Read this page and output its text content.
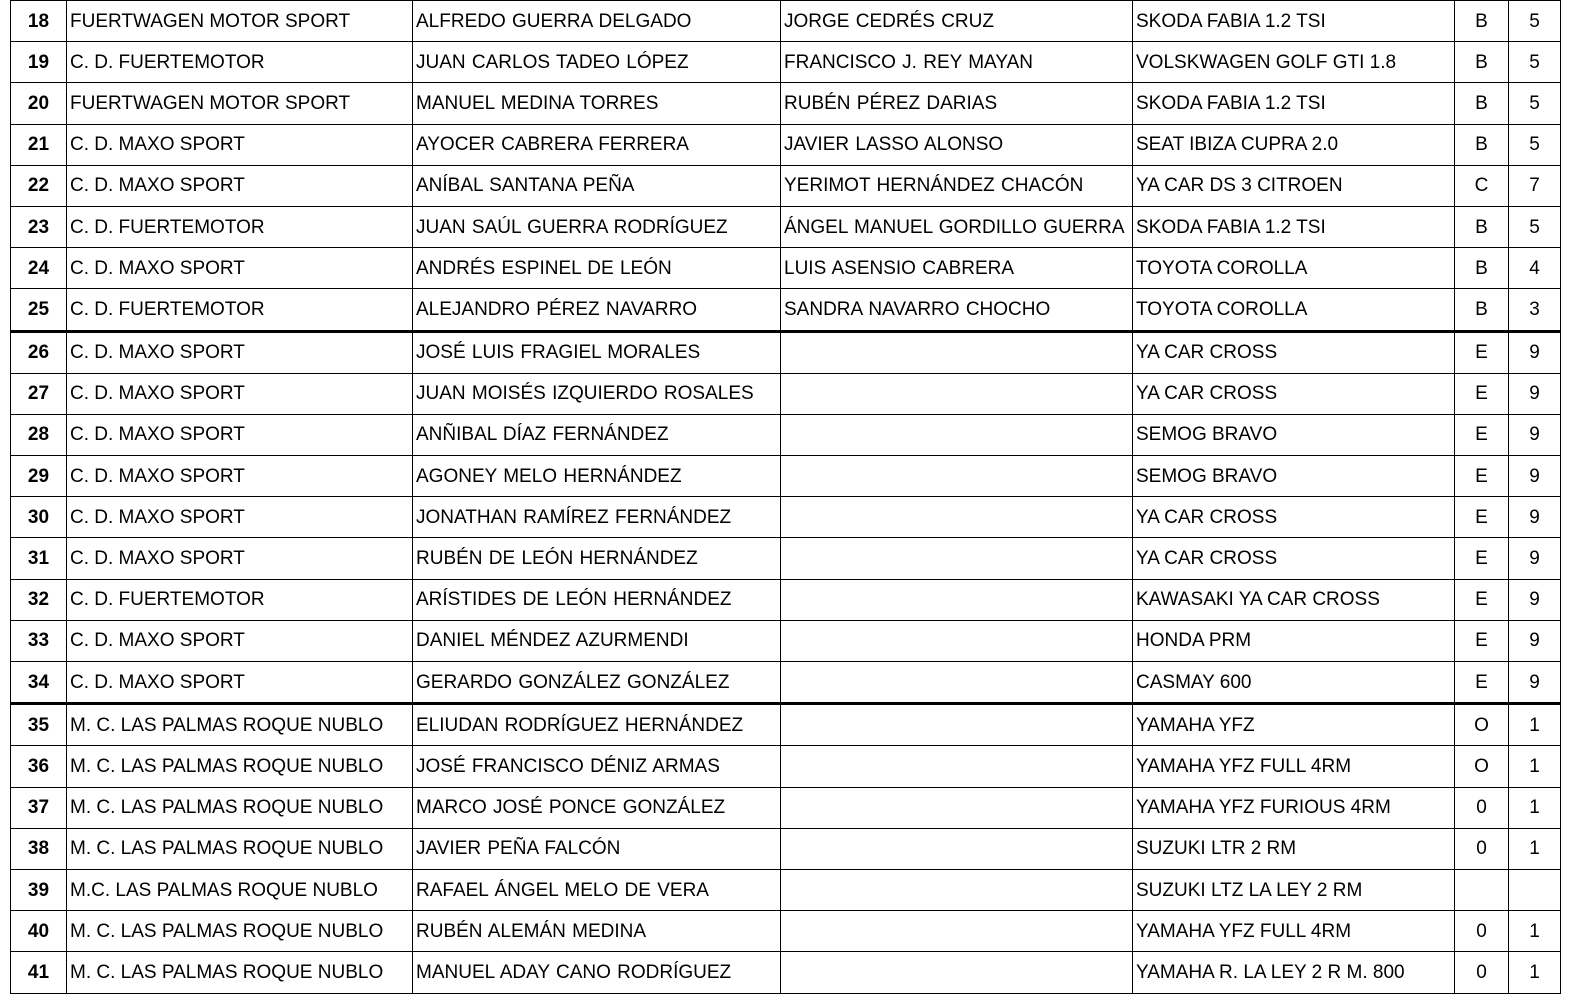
18	FUERTWAGEN MOTOR SPORT	ALFREDO GUERRA DELGADO	JORGE CEDRÉS CRUZ	SKODA FABIA 1.2 TSI	B	5
19	C. D. FUERTEMOTOR	JUAN CARLOS TADEO LÓPEZ	FRANCISCO J. REY MAYAN	VOLSKWAGEN GOLF GTI 1.8	B	5
20	FUERTWAGEN MOTOR SPORT	MANUEL MEDINA TORRES	RUBÉN PÉREZ DARIAS	SKODA FABIA 1.2 TSI	B	5
21	C. D. MAXO SPORT	AYOCER CABRERA FERRERA	JAVIER LASSO ALONSO	SEAT IBIZA CUPRA 2.0	B	5
22	C. D. MAXO SPORT	ANÍBAL SANTANA PEÑA	YERIMOT HERNÁNDEZ CHACÓN	YA CAR DS 3 CITROEN	C	7
23	C. D. FUERTEMOTOR	JUAN SAÚL GUERRA RODRÍGUEZ	ÁNGEL MANUEL GORDILLO GUERRA	SKODA FABIA 1.2 TSI	B	5
24	C. D. MAXO SPORT	ANDRÉS ESPINEL DE LEÓN	LUIS ASENSIO CABRERA	TOYOTA COROLLA	B	4
25	C. D. FUERTEMOTOR	ALEJANDRO PÉREZ NAVARRO	SANDRA NAVARRO CHOCHO	TOYOTA COROLLA	B	3
26	C. D. MAXO SPORT	JOSÉ LUIS FRAGIEL MORALES		YA CAR CROSS	E	9
27	C. D. MAXO SPORT	JUAN MOISÉS IZQUIERDO ROSALES		YA CAR CROSS	E	9
28	C. D. MAXO SPORT	ANÑIBAL DÍAZ FERNÁNDEZ		SEMOG BRAVO	E	9
29	C. D. MAXO SPORT	AGONEY MELO HERNÁNDEZ		SEMOG BRAVO	E	9
30	C. D. MAXO SPORT	JONATHAN RAMÍREZ FERNÁNDEZ		YA CAR CROSS	E	9
31	C. D. MAXO SPORT	RUBÉN DE LEÓN HERNÁNDEZ		YA CAR CROSS	E	9
32	C. D. FUERTEMOTOR	ARÍSTIDES DE LEÓN HERNÁNDEZ		KAWASAKI YA CAR CROSS	E	9
33	C. D. MAXO SPORT	DANIEL MÉNDEZ AZURMENDI		HONDA PRM	E	9
34	C. D. MAXO SPORT	GERARDO GONZÁLEZ GONZÁLEZ		CASMAY 600	E	9
35	M. C. LAS PALMAS ROQUE NUBLO	ELIUDAN RODRÍGUEZ HERNÁNDEZ		YAMAHA YFZ	O	1
36	M. C. LAS PALMAS ROQUE NUBLO	JOSÉ FRANCISCO DÉNIZ ARMAS		YAMAHA YFZ FULL 4RM	O	1
37	M. C. LAS PALMAS ROQUE NUBLO	MARCO JOSÉ PONCE GONZÁLEZ		YAMAHA YFZ FURIOUS 4RM	0	1
38	M. C. LAS PALMAS ROQUE NUBLO	JAVIER PEÑA FALCÓN		SUZUKI LTR 2 RM	0	1
39	M.C. LAS PALMAS ROQUE NUBLO	RAFAEL ÁNGEL MELO DE VERA		SUZUKI LTZ LA LEY 2 RM		
40	M. C. LAS PALMAS ROQUE NUBLO	RUBÉN ALEMÁN MEDINA		YAMAHA YFZ FULL 4RM	0	1
41	M. C. LAS PALMAS ROQUE NUBLO	MANUEL ADAY CANO RODRÍGUEZ		YAMAHA R. LA LEY 2 R M. 800	0	1
